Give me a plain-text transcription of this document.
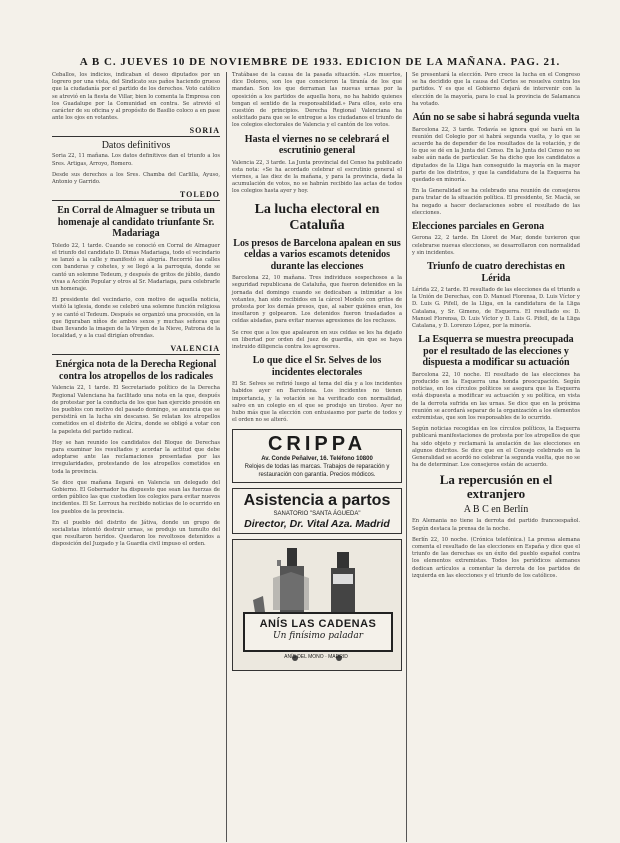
A B C. JUEVES 10 DE NOVIEMBRE DE 1933. EDICION DE LA MAÑANA. PAG. 21.

Ceballos, los indicios, indicaban el deseo diputados por un logrero por una vista, del Sindicato sus paños haciendo grueso que la ciudadanía por el partido de los derechos. Voto católico se atrevió en la fiesta de Villar, bien lo comenta la Empresa con los Guadalupe por la Comunidad en contra. Se atrevió el carácter de su oficina y al propósito de Basilio coloco a en pase ante los ojos en votantes.

SORIA
Datos definitivos

Soria 22, 11 mañana. Los datos definitivos dan el triunfo a los Sres. Artigas, Arroyo, Romero.

Desde sus derechos a los Sres. Chamba del Carlilla, Ayuso, Antonio y Garrido.

TOLEDO
En Corral de Almaguer se tributa un homenaje al candidato triunfante Sr. Madariaga

Toledo 22, 1 tarde. Cuando se conoció en Corral de Almaguer el triunfo del candidato D. Dimas Madariaga, todo el vecindario se lanzó a la calle y manifestó su alegría. Recorrió las calles con banderas y cohetes, y se llegó a la parroquia, donde se cantó un solemne Tedeum, y después de gritos de júbilo, dando vivas a Acción Popular y otros al Sr. Madariaga, para celebrarle un homenaje.

El presidente del vecindario, con motivo de aquella noticia, visitó la iglesia, donde se celebró una solemne función religiosa y se cantó el Tedeum. Después se organizó una procesión, en la que figuraban niños de ambos sexos y muchas señoras que iban llevando la imagen de la Virgen de la Nieve, Patrona de la localidad, y a la cual dirigían ofrendas.

VALENCIA
Enérgica nota de la Derecha Regional contra los atropellos de los radicales

Valencia 22, 1 tarde. El Secretariado político de la Derecha Regional Valenciana ha facilitado una nota en la que, después de protestar por la conducta de los que han ejercido presión en los pueblos con motivo del pasado domingo, se anuncia que se persistirá en la lucha sin descanso. Se relatan los atropellos cometidos en el distrito de Alcira, donde se obligó a votar con la papeleta del partido radical.

Hoy se han reunido los candidatos del Bloque de Derechas para examinar los resultados y acordar la actitud que debe adoptarse ante las reclamaciones presentadas por las irregularidades, protestando de los atropellos cometidos en toda la provincia.

Se dice que mañana llegará en Valencia un delegado del Gobierno. El Gobernador ha dispuesto que sean las fuerzas de orden público las que custodien los colegios para evitar nuevos incidentes. El Sr. Lerroux ha recibido noticias de lo ocurrido en los pueblos de la provincia.

En el pueblo del distrito de Játiva, donde un grupo de socialistas intentó destruir urnas, se produjo un tumulto del que resultaron heridos. Quedaron los revoltosos detenidos a disposición del Juzgado y la Guardia civil impuso el orden.

Tratábase de la causa de la pasada situación. «Los muertos, dice Dolores, son los que conocieron la tiranía de los que mandan. Son los que derraman las nuevas urnas por la oposición a los partidos de aquella hora, no ha habido quienes tengan el sentido de la responsabilidad.» Para ellos, esto era cuestión de principios. Derecha Regional Valenciana ha solicitado para que se le entregue a los ciudadanos el triunfo de los colegios electorales de Valencia y el cantón de los votos.

Hasta el viernes no se celebrará el escrutinio general

Valencia 22, 3 tarde. La Junta provincial del Censo ha publicado esta nota: «Se ha acordado celebrar el escrutinio general el viernes, a las diez de la mañana, y para la provincia, dada la acumulación de votos, no se habrán recibido las actas de todos los colegios hasta ayer y hoy.

La lucha electoral en Cataluña
Los presos de Barcelona apalean en sus celdas a varios escamots detenidos durante las elecciones

Barcelona 22, 10 mañana. Tres individuos sospechosos a la seguridad republicana de Cataluña, que fueron detenidos en la jornada del domingo cuando se dedicaban a intimidar a los votantes, han sido recibidos en la cárcel Modelo con gritos de protesta por los demás presos, que, al saber quiénes eran, los insultaron y golpearon. Los detenidos fueron trasladados a celdas aisladas, para evitar nuevas agresiones de los reclusos.

Se cree que a los que apalearon en sus celdas se les ha dejado en libertad por orden del juez de guardia, sin que se haya instruido diligencia contra los agresores.

Lo que dice el Sr. Selves de los incidentes electorales

El Sr. Selves se refirió luego al tema del día y a los incidentes habidos ayer en Barcelona. Los incidentes no tienen importancia, y la votación se ha verificado con normalidad, salvo en un colegio en el que se produjo un tiroteo. Ayer no hubo más que la elección con entusiasmo por parte de todos y el orden no se alteró.

CRIPPA
Av. Conde Peñalver, 16. Teléfono 10800
Relojes de todas las marcas. Trabajos de reparación y restauración con garantía. Precios módicos.
Asistencia a partos
SANATORIO "SANTA ÁGUEDA"
Director, Dr. Vital Aza. Madrid
ANÍS LAS CADENAS
Un finísimo paladar
ANÍS DEL MONO · MADRID

Se presentará la elección. Pero crece la lucha en el Congreso se ha decidido que la causa del Cortes se resuelva contra los partidos. Y es que el Gobierno dejará de intervenir con la elección de la mayoría, para lo cual la provincia de Salamanca ha votado.

Aún no se sabe si habrá segunda vuelta

Barcelona 22, 3 tarde. Todavía se ignora qué se hará en la reunión del Colegio por si habrá segunda vuelta, y lo que se acuerde ha de depender de los resultados de la votación, y de lo que se dé en la Junta del Censo. En la Junta del Censo no se sabe aún nada de particular. Se ha dicho que los candidatos a diputados de la Lliga han conseguido la mayoría en la mayor parte de los distritos, y que la candidatura de la Esquerra ha quedado en minoría.

En la Generalidad se ha celebrado una reunión de consejeros para tratar de la situación política. El presidente, Sr. Macià, se ha negado a hacer declaraciones sobre el resultado de las elecciones.

Elecciones parciales en Gerona

Gerona 22, 2 tarde. En Lloret de Mar, donde tuvieron que celebrarse nuevas elecciones, se desarrollaron con normalidad y sin incidentes.

Triunfo de cuatro derechistas en Lérida

Lérida 22, 2 tarde. El resultado de las elecciones da el triunfo a la Unión de Derechas, con D. Manuel Florensa, D. Luis Víctor y D. Luis G. Pifell, de la Lliga, en la candidatura de la Lliga Catalana, y Sr. Gimeno, de Esquerra. El resultado es: D. Manuel Florensa, D. Luis Víctor y D. Luis G. Pifell, de la Lliga Catalana, y D. Lorenzo López, por la minoría.

La Esquerra se muestra preocupada por el resultado de las elecciones y dispuesta a modificar su actuación

Barcelona 22, 10 noche. El resultado de las elecciones ha producido en la Esquerra una honda preocupación. Según noticias, en los círculos políticos se asegura que la Esquerra está dispuesta a modificar su actuación y su política, en vista de la derrota sufrida en las urnas. Se dice que en la próxima reunión se acordará separar de la organización a los elementos extremistas, que son los responsables de lo ocurrido.

Según noticias recogidas en los círculos políticos, la Esquerra publicará manifestaciones de protesta por los atropellos de que ha sido objeto y reclamará la anulación de las elecciones en algunos distritos. Se dice que en el Consejo celebrado en la Generalidad se acordó no celebrar la segunda vuelta, que no se ha de determinar. Los consejeros están de acuerdo.

La repercusión en el extranjero
A B C en Berlín

En Alemania no tiene la derrota del partido francoespañol. Según destaca la prensa de la noche.

Berlín 22, 10 noche. (Crónica telefónica.) La prensa alemana comenta el resultado de las elecciones en España y dice que el triunfo de las derechas es un éxito del pueblo español contra los elementos extremistas. Todos los periódicos alemanes dedican artículos a comentar la derrota de los partidos de izquierda en las elecciones y el triunfo de los católicos.
